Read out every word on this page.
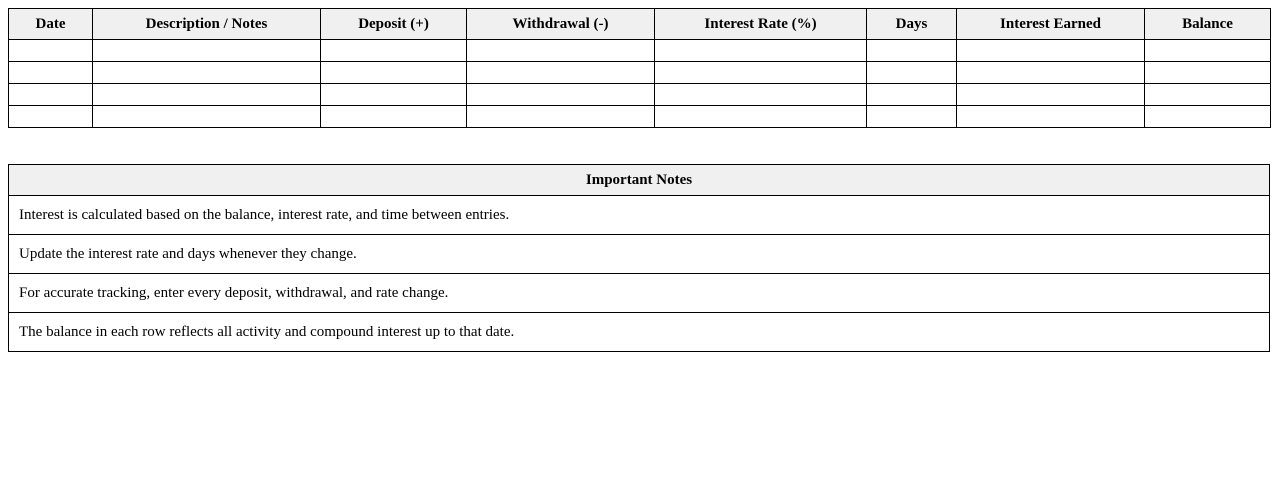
Date	Description / Notes	Deposit (+)	Withdrawal (-)	Interest Rate (%)	Days	Interest Earned	Balance

Important Notes
Interest is calculated based on the balance, interest rate, and time between entries.
Update the interest rate and days whenever they change.
For accurate tracking, enter every deposit, withdrawal, and rate change.
The balance in each row reflects all activity and compound interest up to that date.
